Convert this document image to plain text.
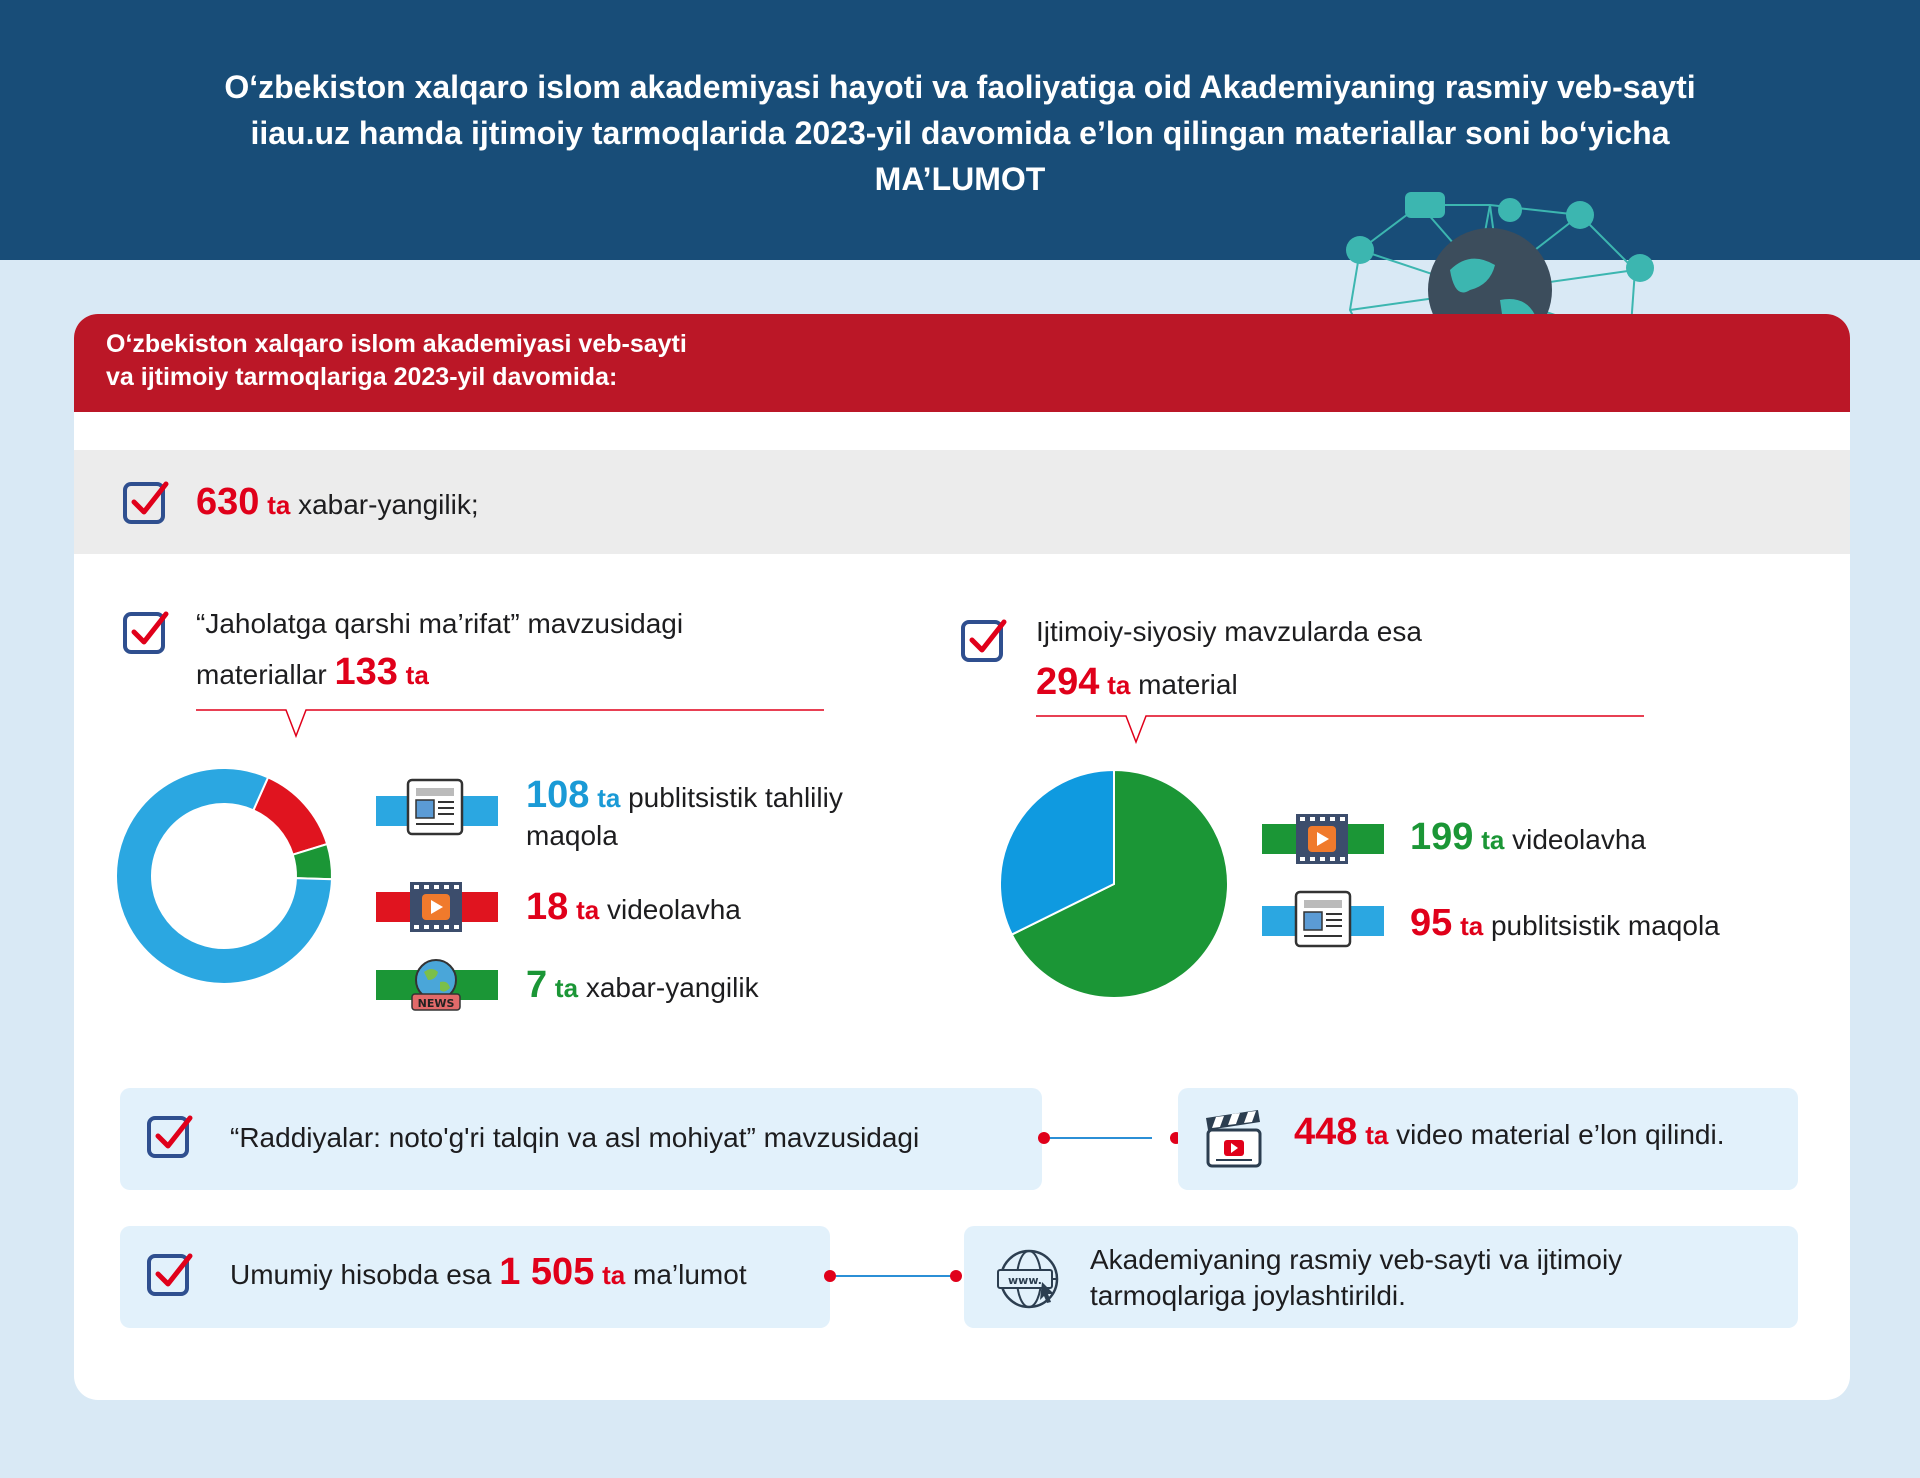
O‘zbekiston xalqaro islom akademiyasi hayoti va faoliyatiga oid Akademiyaning rasmiy veb-sayti
iiau.uz hamda ijtimoiy tarmoqlarida 2023-yil davomida e’lon qilingan materiallar soni bo‘yicha
MA’LUMOT
O‘zbekiston xalqaro islom akademiyasi veb-sayti
va ijtimoiy tarmoqlariga 2023-yil davomida:
630 ta xabar-yangilik;
“Jaholatga qarshi ma’rifat” mavzusidagi
materiallar 133 ta
108 ta publitsistik tahliliy
maqola
18 ta videolavha
NEWS 7 ta xabar-yangilik
Ijtimoiy-siyosiy mavzularda esa
294 ta material
199 ta videolavha
95 ta publitsistik maqola
“Raddiyalar: noto'g'ri talqin va asl mohiyat” mavzusidagi	448 ta video material e’lon qilindi.
Umumiy hisobda esa 1 505 ta ma’lumot	www.
Akademiyaning rasmiy veb-sayti va ijtimoiy
tarmoqlariga joylashtirildi.
